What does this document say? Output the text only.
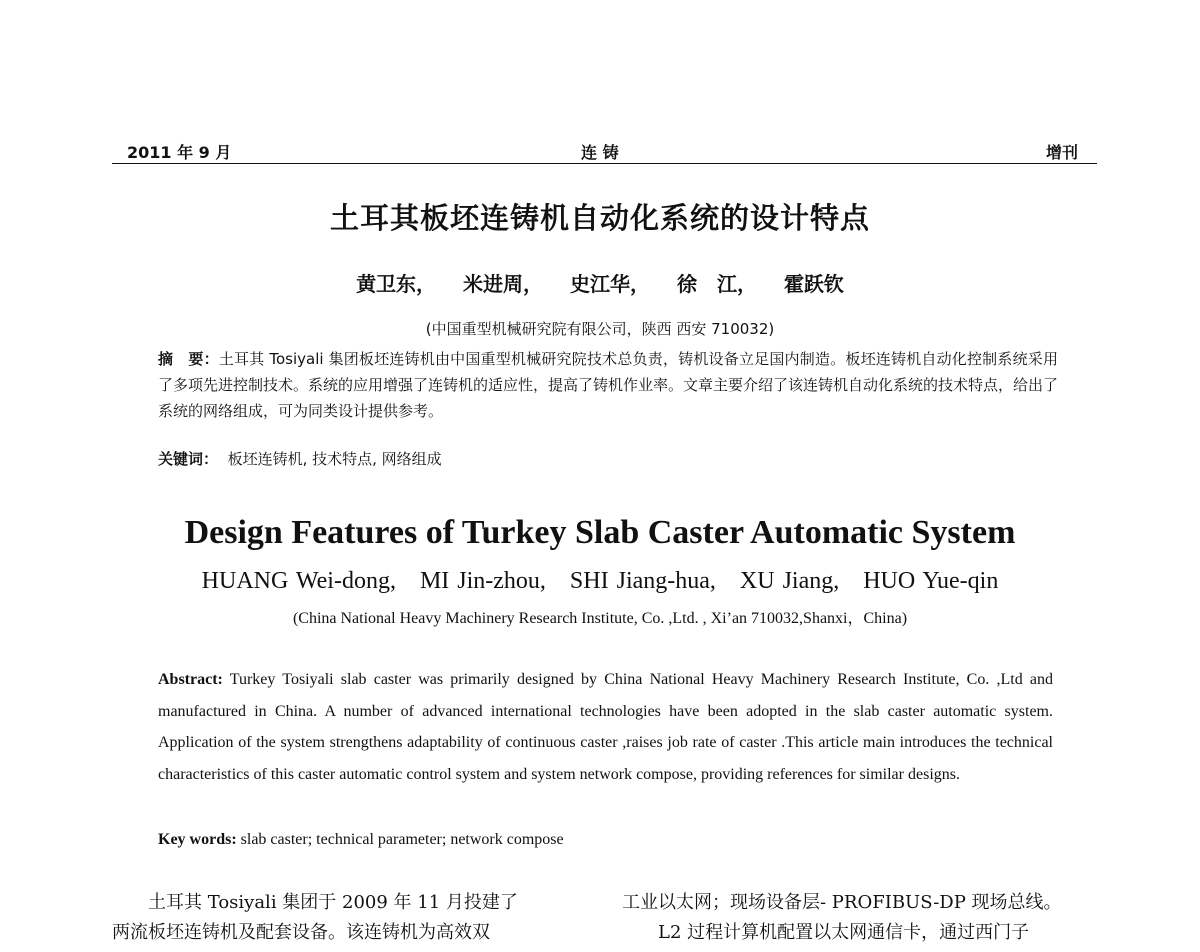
2011 年 9 月	连 铸	增刊
土耳其板坯连铸机自动化系统的设计特点
黄卫东， 米进周， 史江华， 徐　江， 霍跃钦
(中国重型机械研究院有限公司，陕西 西安 710032)
摘　要：土耳其 Tosiyali 集团板坯连铸机由中国重型机械研究院技术总负责，铸机设备立足国内制造。板坯连铸机自动化控制系统采用了多项先进控制技术。系统的应用增强了连铸机的适应性，提高了铸机作业率。文章主要介绍了该连铸机自动化系统的技术特点，给出了系统的网络组成，可为同类设计提供参考。
关键词： 板坯连铸机, 技术特点, 网络组成
Design Features of Turkey Slab Caster Automatic System
HUANG Wei-dong,   MI Jin-zhou,   SHI Jiang-hua,   XU Jiang,   HUO Yue-qin
(China National Heavy Machinery Research Institute, Co. ,Ltd. , Xi’an 710032,Shanxi，China)
Abstract: Turkey Tosiyali slab caster was primarily designed by China National Heavy Machinery Research Institute, Co. ,Ltd and manufactured in China. A number of advanced international technologies have been adopted in the slab caster automatic system. Application of the system strengthens adaptability of continuous caster ,raises job rate of caster .This article main introduces the technical characteristics of this caster automatic control system and system network compose, providing references for similar designs.
Key words: slab caster; technical parameter; network compose
土耳其 Tosiyali 集团于 2009 年 11 月投建了
两流板坯连铸机及配套设备。该连铸机为高效双
工业以太网；现场设备层- PROFIBUS-DP 现场总线。
L2 过程计算机配置以太网通信卡，通过西门子
